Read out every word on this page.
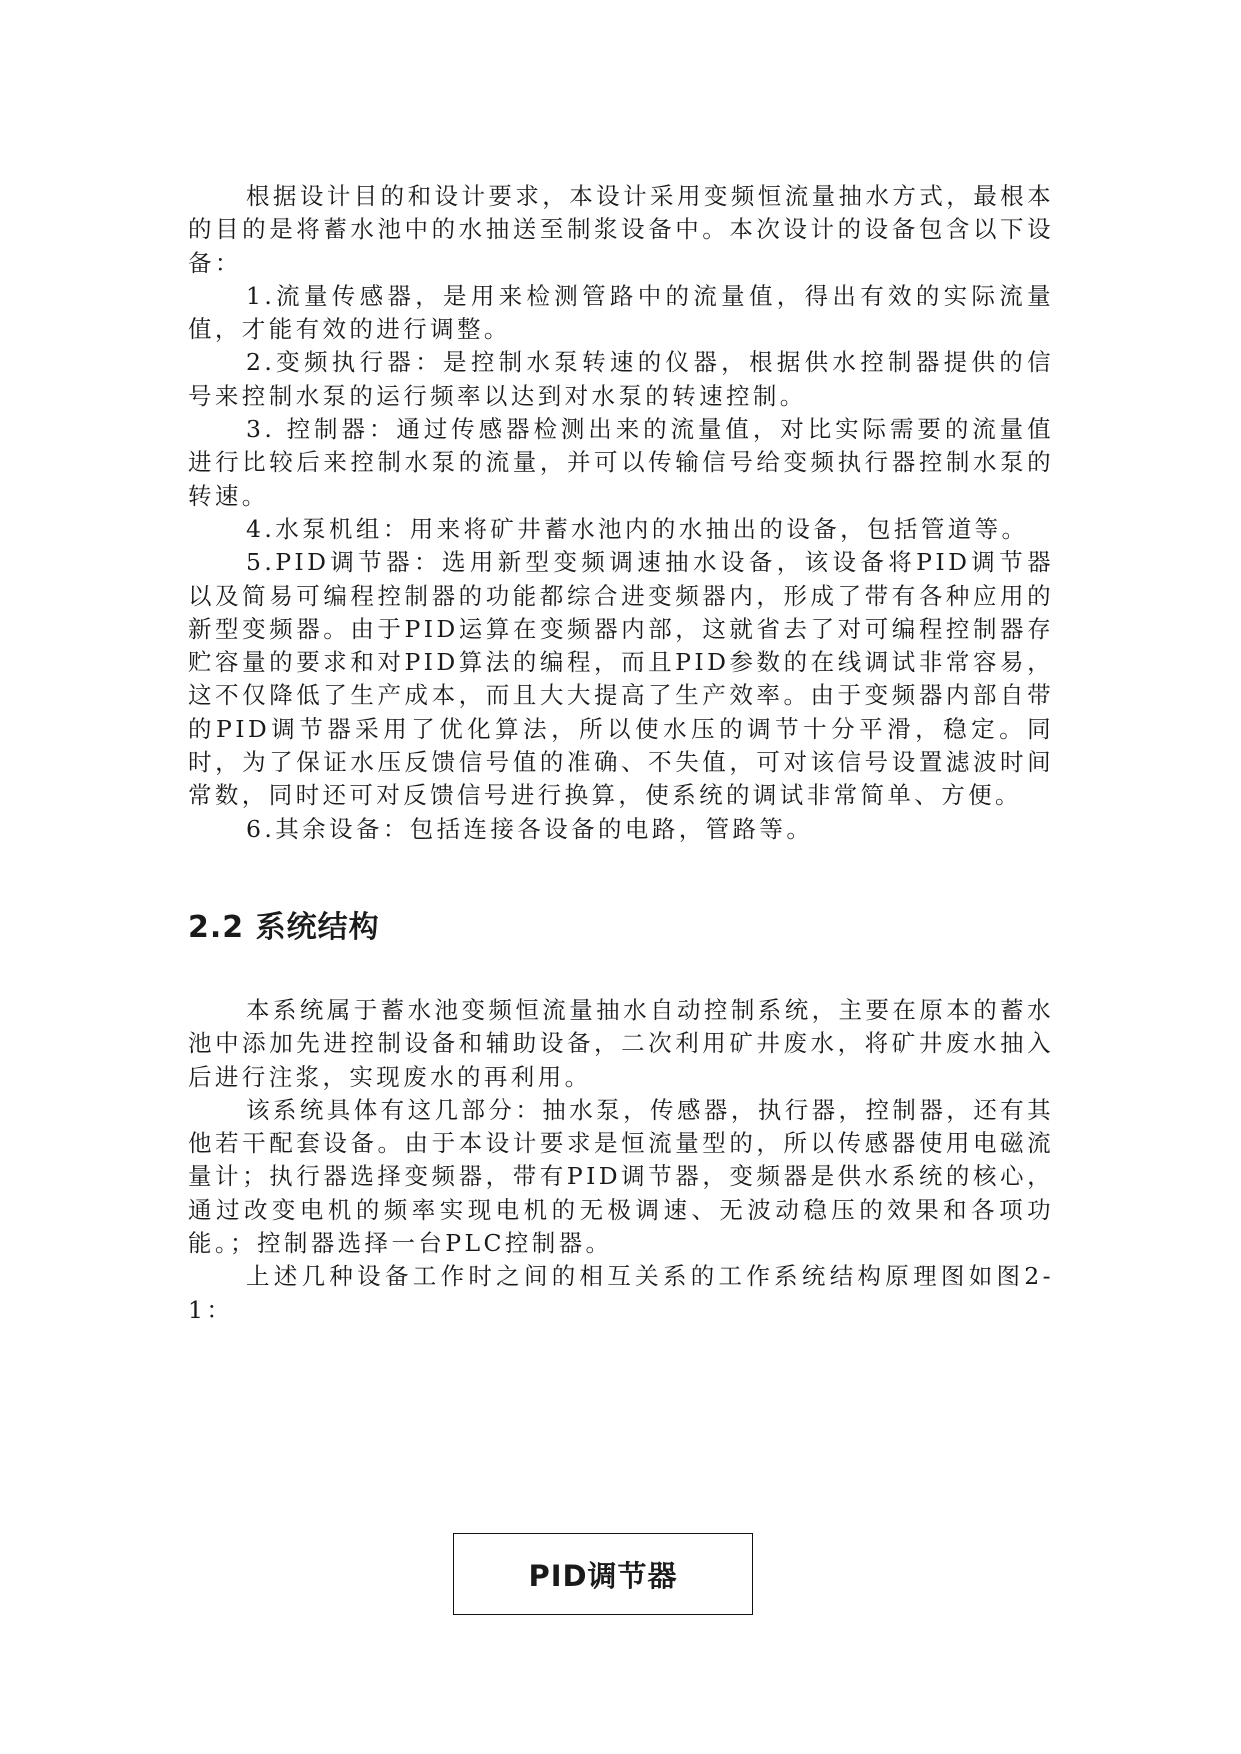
根据设计目的和设计要求，本设计采用变频恒流量抽水方式，最根本的目的是将蓄水池中的水抽送至制浆设备中。本次设计的设备包含以下设备：

1.流量传感器，是用来检测管路中的流量值，得出有效的实际流量值，才能有效的进行调整。

2.变频执行器：是控制水泵转速的仪器，根据供水控制器提供的信号来控制水泵的运行频率以达到对水泵的转速控制。

3. 控制器：通过传感器检测出来的流量值，对比实际需要的流量值进行比较后来控制水泵的流量，并可以传输信号给变频执行器控制水泵的转速。

4.水泵机组：用来将矿井蓄水池内的水抽出的设备，包括管道等。

5.PID调节器：选用新型变频调速抽水设备，该设备将PID调节器以及简易可编程控制器的功能都综合进变频器内，形成了带有各种应用的新型变频器。由于PID运算在变频器内部，这就省去了对可编程控制器存贮容量的要求和对PID算法的编程，而且PID参数的在线调试非常容易，这不仅降低了生产成本，而且大大提高了生产效率。由于变频器内部自带的PID调节器采用了优化算法，所以使水压的调节十分平滑，稳定。同时，为了保证水压反馈信号值的准确、不失值，可对该信号设置滤波时间常数，同时还可对反馈信号进行换算，使系统的调试非常简单、方便。

6.其余设备：包括连接各设备的电路，管路等。

2.2 系统结构

本系统属于蓄水池变频恒流量抽水自动控制系统，主要在原本的蓄水池中添加先进控制设备和辅助设备，二次利用矿井废水，将矿井废水抽入后进行注浆，实现废水的再利用。

该系统具体有这几部分：抽水泵，传感器，执行器，控制器，还有其他若干配套设备。由于本设计要求是恒流量型的，所以传感器使用电磁流量计；执行器选择变频器，带有PID调节器，变频器是供水系统的核心，通过改变电机的频率实现电机的无极调速、无波动稳压的效果和各项功能。；控制器选择一台PLC控制器。

上述几种设备工作时之间的相互关系的工作系统结构原理图如图2-1：

PID调节器
